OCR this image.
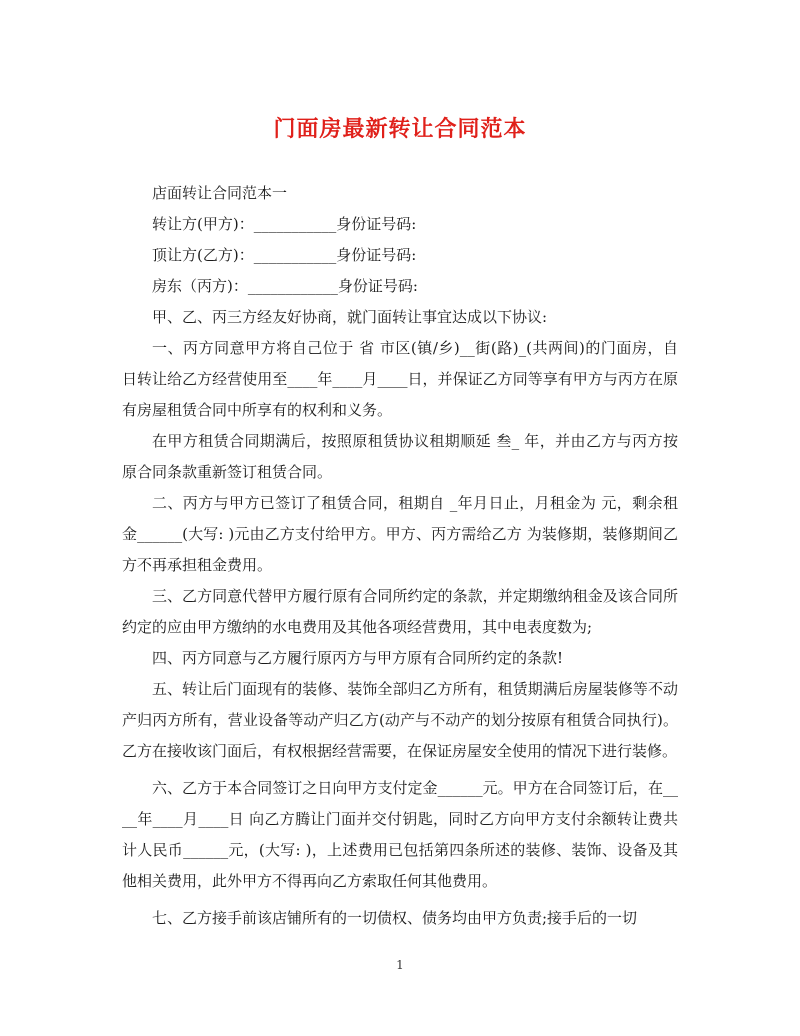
门面房最新转让合同范本

店面转让合同范本一

转让方(甲方)：___________身份证号码:

顶让方(乙方)：___________身份证号码:

房东（丙方)：____________身份证号码:

甲、乙、丙三方经友好协商，就门面转让事宜达成以下协议:

一、丙方同意甲方将自己位于 省 市区(镇/乡)__街(路)_(共两间)的门面房，自 日转让给乙方经营使用至____年____月____日，并保证乙方同等享有甲方与丙方在原有房屋租赁合同中所享有的权利和义务。

在甲方租赁合同期满后，按照原租赁协议租期顺延 叁_ 年，并由乙方与丙方按原合同条款重新签订租赁合同。

二、丙方与甲方已签订了租赁合同，租期自 _年月日止，月租金为 元，剩余租金______(大写: )元由乙方支付给甲方。甲方、丙方需给乙方 为装修期，装修期间乙方不再承担租金费用。

三、乙方同意代替甲方履行原有合同所约定的条款，并定期缴纳租金及该合同所约定的应由甲方缴纳的水电费用及其他各项经营费用，其中电表度数为;

四、丙方同意与乙方履行原丙方与甲方原有合同所约定的条款!

五、转让后门面现有的装修、装饰全部归乙方所有，租赁期满后房屋装修等不动产归丙方所有，营业设备等动产归乙方(动产与不动产的划分按原有租赁合同执行)。乙方在接收该门面后，有权根据经营需要，在保证房屋安全使用的情况下进行装修。

六、乙方于本合同签订之日向甲方支付定金______元。甲方在合同签订后，在____年____月____日 向乙方腾让门面并交付钥匙，同时乙方向甲方支付余额转让费共计人民币______元，(大写: )，上述费用已包括第四条所述的装修、装饰、设备及其他相关费用，此外甲方不得再向乙方索取任何其他费用。

七、乙方接手前该店铺所有的一切债权、债务均由甲方负责;接手后的一切

1
